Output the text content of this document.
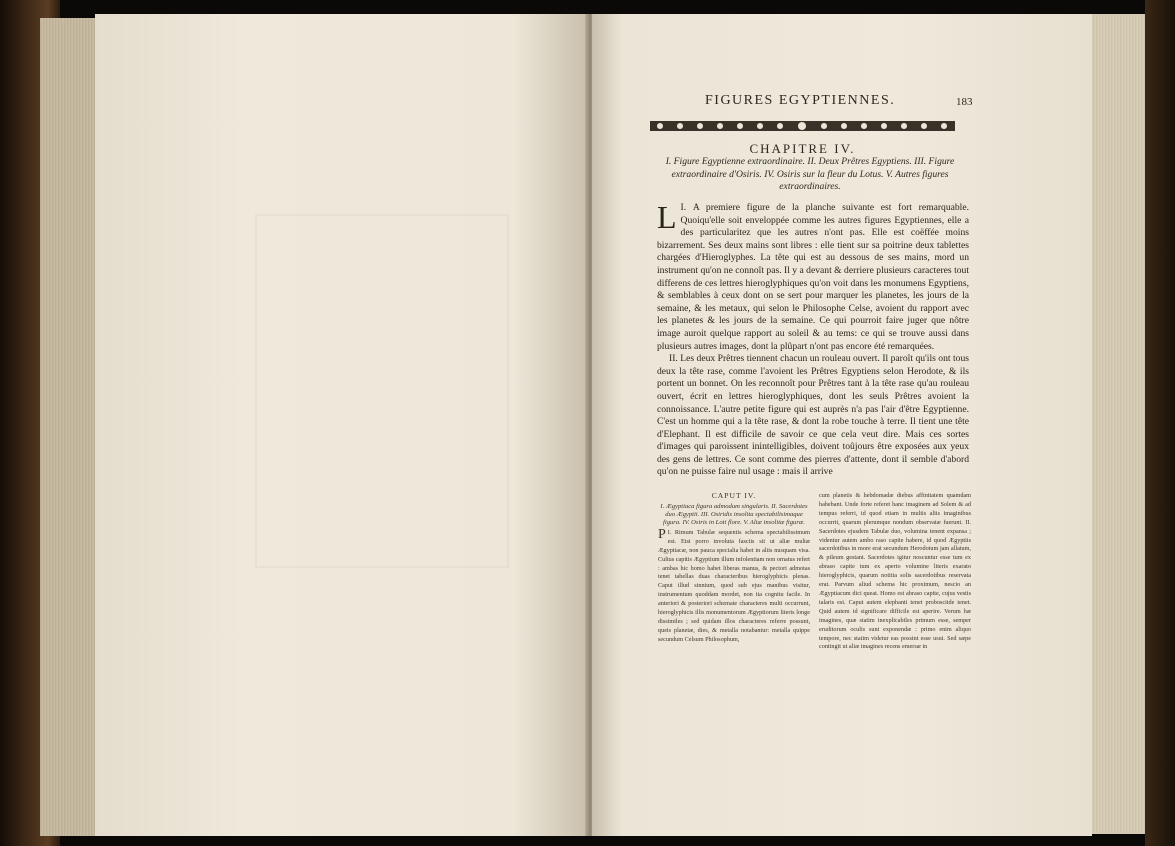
FIGURES EGYPTIENNES.	183
CHAPITRE IV.
I. Figure Egyptienne extraordinaire. II. Deux Prêtres Egyptiens. III. Figure extraordinaire d'Osiris. IV. Osiris sur la fleur du Lotus. V. Autres figures extraordinaires.

I.
L	A premiere figure de la planche suivante est fort remarquable. Quoiqu'elle soit enveloppée comme les autres figures Egyptiennes, elle a des particularitez que les autres n'ont pas. Elle est coëffée moins bizarrement. Ses deux mains sont libres : elle tient sur sa poitrine deux tablettes chargées d'Hieroglyphes. La tête qui est au dessous de ses mains, mord un instrument qu'on ne connoît pas. Il y a devant & derriere plusieurs caracteres tout differens de ces lettres hieroglyphiques qu'on voit dans les monumens Egyptiens, & semblables à ceux dont on se sert pour marquer les planetes, les jours de la semaine, & les metaux, qui selon le Philosophe Celse, avoient du rapport avec les planetes & les jours de la semaine. Ce qui pourroit faire juger que nôtre image auroit quelque rapport au soleil & au tems: ce qui se trouve aussi dans plusieurs autres images, dont la plûpart n'ont pas encore été remarquées.

II. Les deux Prêtres tiennent chacun un rouleau ouvert. Il paroît qu'ils ont tous deux la tête rase, comme l'avoient les Prêtres Egyptiens selon Herodote, & ils portent un bonnet. On les reconnoît pour Prêtres tant à la tête rase qu'au rouleau ouvert, écrit en lettres hieroglyphiques, dont les seuls Prêtres avoient la connoissance. L'autre petite figure qui est auprès n'a pas l'air d'être Egyptienne. C'est un homme qui a la tête rase, & dont la robe touche à terre. Il tient une tête d'Elephant. Il est difficile de savoir ce que cela veut dire. Mais ces sortes d'images qui paroissent inintelligibles, doivent toûjours être exposées aux yeux des gens de lettres. Ce sont comme des pierres d'attente, dont il semble d'abord qu'on ne puisse faire nul usage : mais il arrive

CAPUT IV.
I. Ægyptiaca figura admodum singularis. II. Sacerdotes duo Ægyptii. III. Osiridis insolita spectabilisimaque figura. IV. Osiris in Loti flore. V. Aliæ insolitæ figuræ.

I.
P	Rimum Tabulæ sequentis schema spectabilissimum est. Etsi porro involuta fasciis sit ut aliæ multæ Ægyptiacæ, non pauca specialia habet in aliis nusquam visa. Cultus capitis Ægyptium illum infolentiam non ornatus refert : ambas hic homo habet liberas manus, & pectori admotas tenet tabellas duas characteribus hieroglyphicis plenas. Caput illud sinnium, quod sub ejus manibus visitur, instrumentum quoddam mordet, non ita cognitu facile. In anteriori & posteriori schemate characteres multi occurrunt, hieroglyphicis illis monumentorum Ægyptiorum literis longe dissimiles ; sed quidam illos characteres referre possunt, queis planetæ, dies, & metalla notabantur: metalla quippe secundum Celsum Philosophum,

cum planetis & hebdomadæ diebus affinitatem quamdam habebant. Unde forte referet hanc imaginem ad Solem & ad tempus referri, id quod etiam in multis aliis imaginibus occurrit, quarum plerumque nondum observatæ fuerunt. II. Sacerdotes ejusdem Tabulæ duo, volumina tenent expansa ; videntur autem ambo raso capite habere, id quod Ægyptiis sacerdotibus in more erat secundum Herodotum jam allatum, & pileum gestant. Sacerdotes igitur noscuntur esse tum ex abraso capite tum ex aperto volumine literis exarato hieroglyphicis, quarum notitia solis sacerdotibus reservata erat. Parvum aliud schema hic proximum, nescio an Ægyptiacum dici queat. Homo est abraso capite, cujus vestis talaris est. Caput autem elephanti tenet probosciide tenet. Quid autem id significare difficile est aperire. Verum hæ imagines, quæ statim inexplicabiles primum esse, semper eruditorum oculis sunt exponendæ : primo enim aliquo tempore, nec statim videtur eas possint esse usui. Sed sæpe contingit ut aliæ imagines recens emersæ in
